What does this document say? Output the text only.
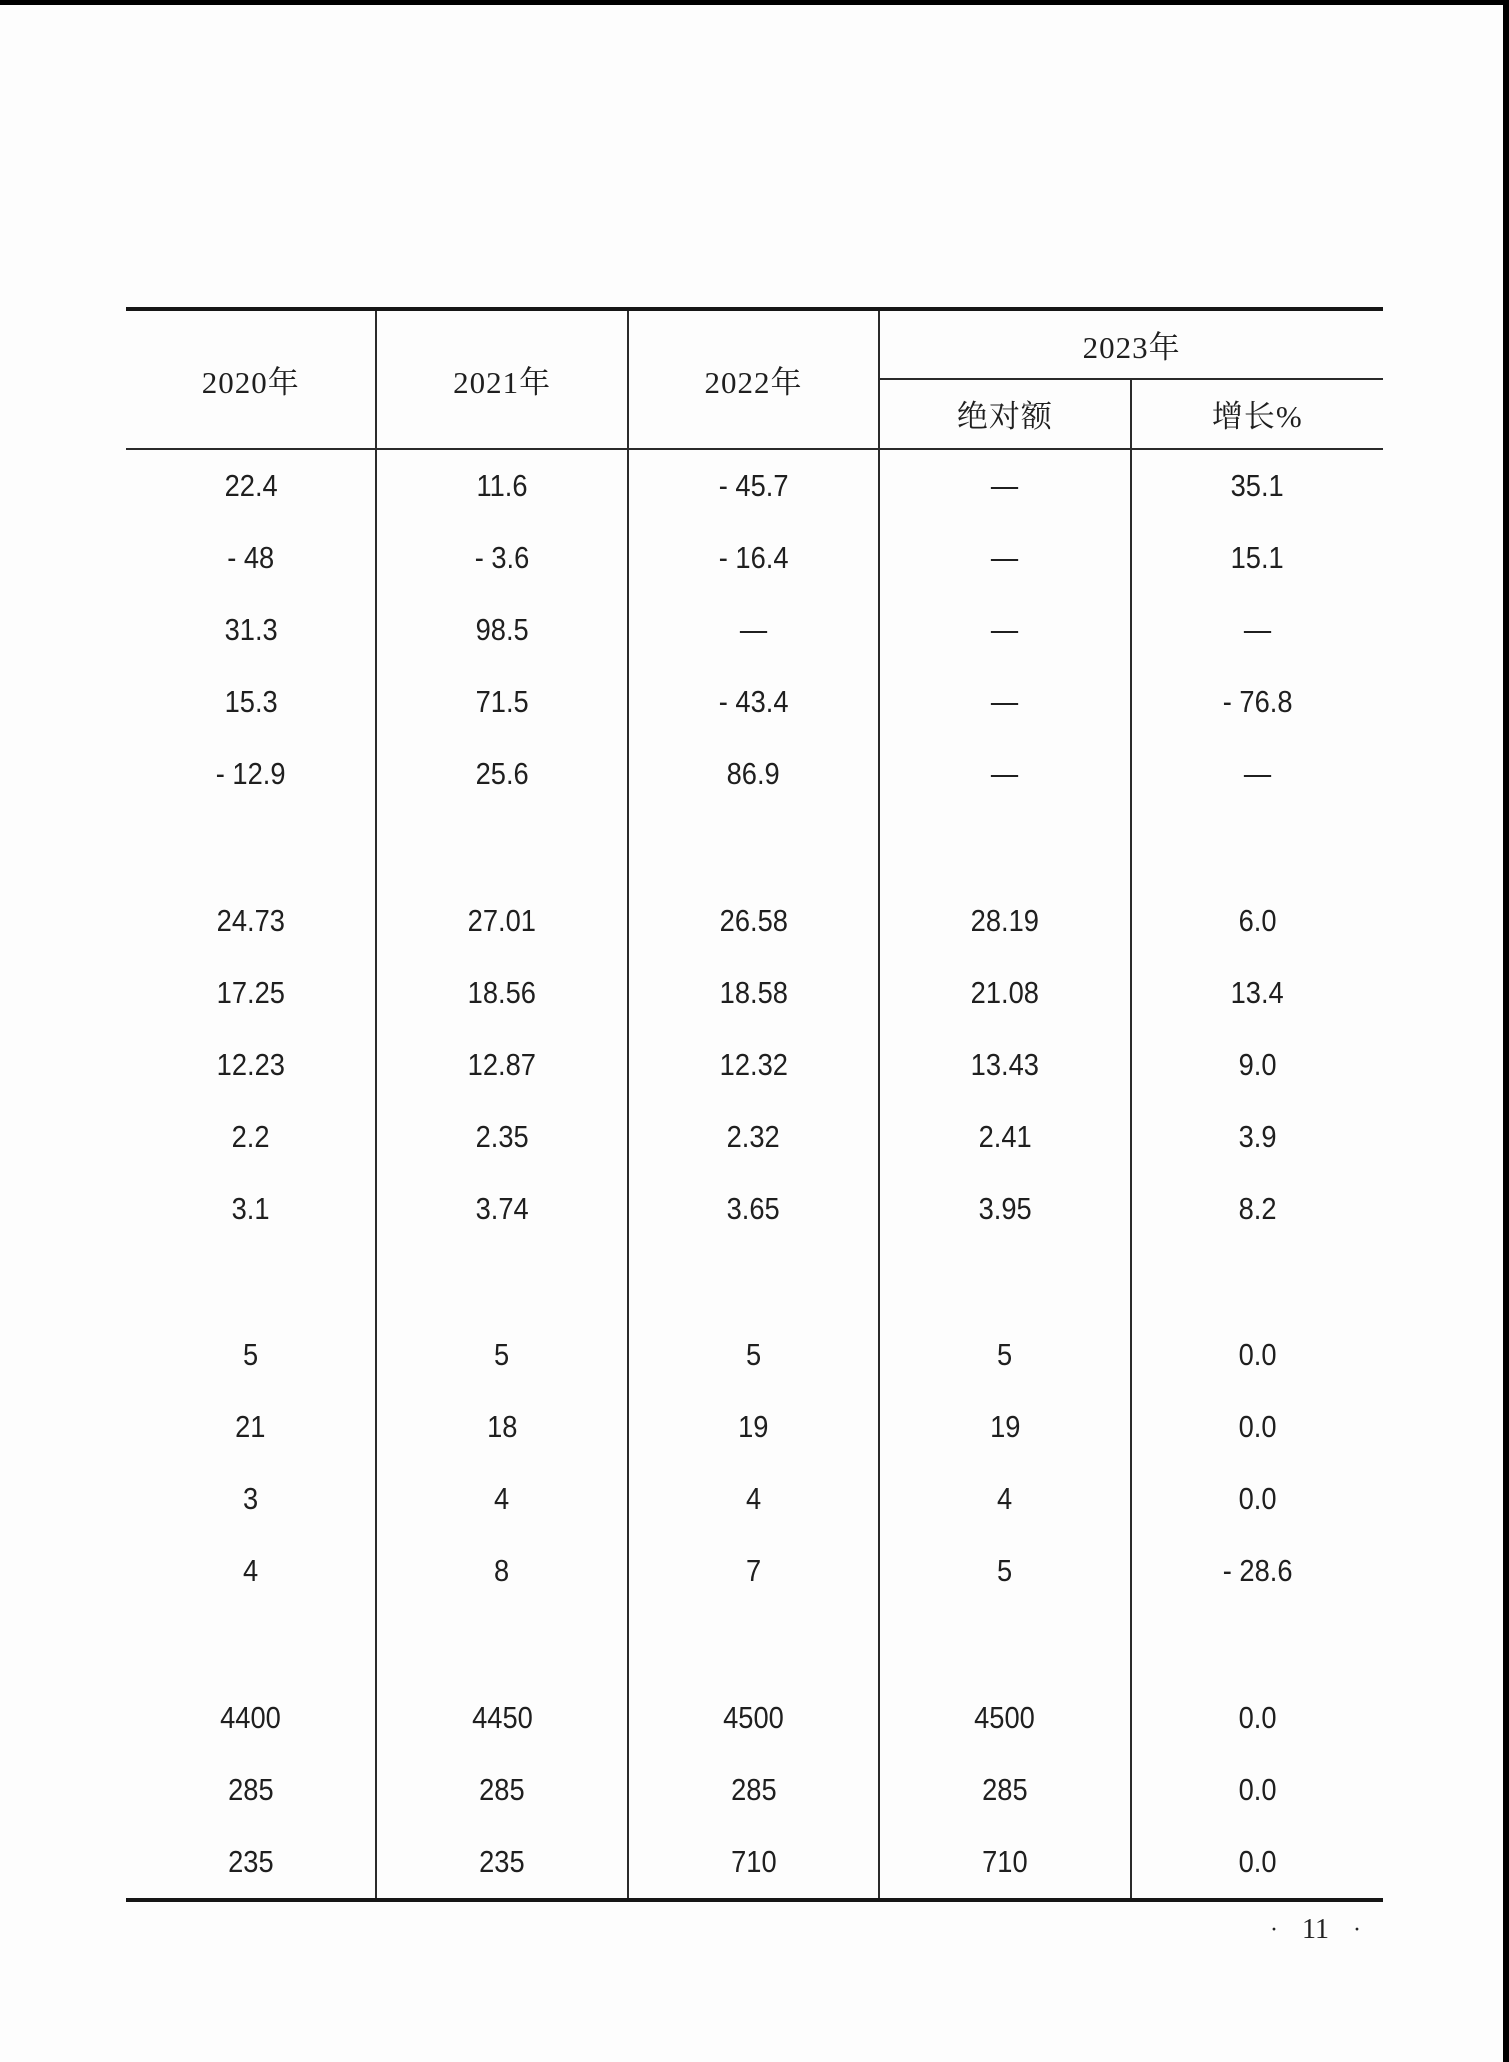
2020年	2021年	2022年
2023年
绝对额	增长%
22.4	11.6	- 45.7	—	35.1
- 48	- 3.6	- 16.4	—	15.1
31.3	98.5	—	—	—
15.3	71.5	- 43.4	—	- 76.8
- 12.9	25.6	86.9	—	—
24.73	27.01	26.58	28.19	6.0
17.25	18.56	18.58	21.08	13.4
12.23	12.87	12.32	13.43	9.0
2.2	2.35	2.32	2.41	3.9
3.1	3.74	3.65	3.95	8.2
5	5	5	5	0.0
21	18	19	19	0.0
3	4	4	4	0.0
4	8	7	5	- 28.6
4400	4450	4500	4500	0.0
285	285	285	285	0.0
235	235	710	710	0.0
· 11 ·
